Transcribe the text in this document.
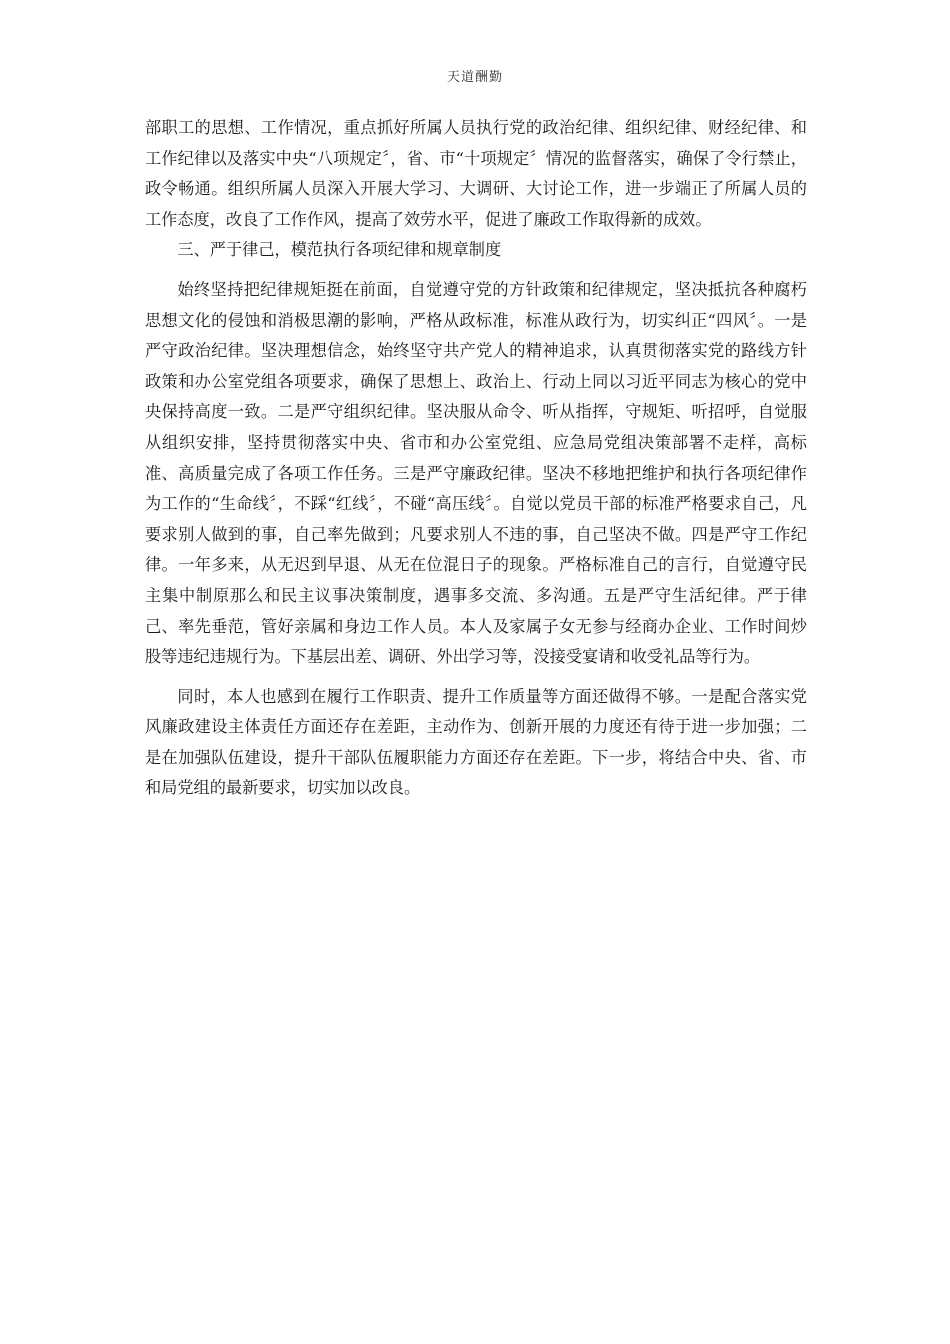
天道酬勤

部职工的思想、工作情况，重点抓好所属人员执行党的政治纪律、组织纪律、财经纪律、和工作纪律以及落实中央“八项规定〞，省、市“十项规定〞情况的监督落实，确保了令行禁止，政令畅通。组织所属人员深入开展大学习、大调研、大讨论工作，进一步端正了所属人员的工作态度，改良了工作作风，提高了效劳水平，促进了廉政工作取得新的成效。

三、严于律己，模范执行各项纪律和规章制度

始终坚持把纪律规矩挺在前面，自觉遵守党的方针政策和纪律规定，坚决抵抗各种腐朽思想文化的侵蚀和消极思潮的影响，严格从政标准，标准从政行为，切实纠正“四风〞。一是严守政治纪律。坚决理想信念，始终坚守共产党人的精神追求，认真贯彻落实党的路线方针政策和办公室党组各项要求，确保了思想上、政治上、行动上同以习近平同志为核心的党中央保持高度一致。二是严守组织纪律。坚决服从命令、听从指挥，守规矩、听招呼，自觉服从组织安排，坚持贯彻落实中央、省市和办公室党组、应急局党组决策部署不走样，高标准、高质量完成了各项工作任务。三是严守廉政纪律。坚决不移地把维护和执行各项纪律作为工作的“生命线〞，不踩“红线〞，不碰“高压线〞。自觉以党员干部的标准严格要求自己，凡要求别人做到的事，自己率先做到；凡要求别人不违的事，自己坚决不做。四是严守工作纪律。一年多来，从无迟到早退、从无在位混日子的现象。严格标准自己的言行，自觉遵守民主集中制原那么和民主议事决策制度，遇事多交流、多沟通。五是严守生活纪律。严于律己、率先垂范，管好亲属和身边工作人员。本人及家属子女无参与经商办企业、工作时间炒股等违纪违规行为。下基层出差、调研、外出学习等，没接受宴请和收受礼品等行为。

同时，本人也感到在履行工作职责、提升工作质量等方面还做得不够。一是配合落实党风廉政建设主体责任方面还存在差距，主动作为、创新开展的力度还有待于进一步加强；二是在加强队伍建设，提升干部队伍履职能力方面还存在差距。下一步，将结合中央、省、市和局党组的最新要求，切实加以改良。
